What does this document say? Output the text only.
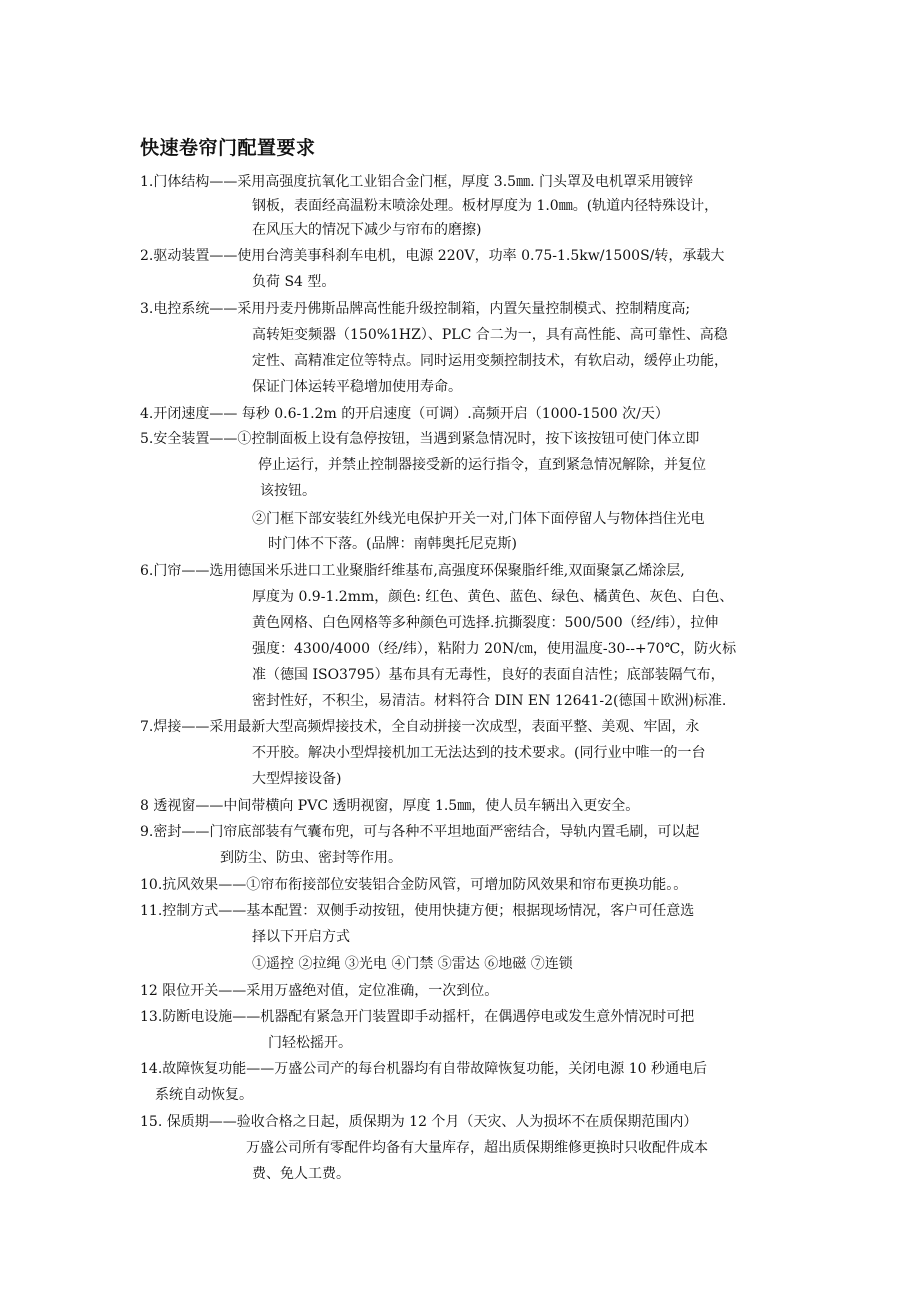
快速卷帘门配置要求
1.门体结构——采用高强度抗氧化工业铝合金门框，厚度 3.5㎜. 门头罩及电机罩采用镀锌
钢板，表面经高温粉末喷涂处理。板材厚度为 1.0㎜。(轨道内径特殊设计，
在风压大的情况下减少与帘布的磨擦)
2.驱动装置——使用台湾美事科刹车电机，电源 220V，功率 0.75-1.5kw/1500S/转，承载大
负荷 S4 型。
3.电控系统——采用丹麦丹佛斯品牌高性能升级控制箱，内置矢量控制模式、控制精度高;
高转矩变频器（150%1HZ）、PLC 合二为一，具有高性能、高可靠性、高稳
定性、高精准定位等特点。同时运用变频控制技术，有软启动，缓停止功能，
保证门体运转平稳增加使用寿命。
4.开闭速度—— 每秒 0.6-1.2m 的开启速度（可调）.高频开启（1000-1500 次/天）
5.安全装置——①控制面板上设有急停按钮，当遇到紧急情况时，按下该按钮可使门体立即
停止运行，并禁止控制器接受新的运行指令，直到紧急情况解除，并复位
该按钮。
②门框下部安装红外线光电保护开关一对,门体下面停留人与物体挡住光电
时门体不下落。(品牌：南韩奥托尼克斯)
6.门帘——选用德国米乐进口工业聚脂纤维基布,高强度环保聚脂纤维,双面聚氯乙烯涂层,
厚度为 0.9-1.2mm，颜色: 红色、黄色、蓝色、绿色、橘黄色、灰色、白色、
黄色网格、白色网格等多种颜色可选择.抗撕裂度：500/500（经/纬），拉伸
强度：4300/4000（经/纬），粘附力 20N/㎝，使用温度-30--+70℃，防火标
准（德国 ISO3795）基布具有无毒性，良好的表面自洁性；底部装隔气布，
密封性好，不积尘，易清洁。材料符合 DIN EN 12641-2(德国＋欧洲)标准.
7.焊接——采用最新大型高频焊接技术，全自动拼接一次成型，表面平整、美观、牢固，永
不开胶。解决小型焊接机加工无法达到的技术要求。(同行业中唯一的一台
大型焊接设备)
8 透视窗——中间带横向 PVC 透明视窗，厚度 1.5㎜，使人员车辆出入更安全。
9.密封——门帘底部装有气囊布兜，可与各种不平坦地面严密结合，导轨内置毛刷，可以起
到防尘、防虫、密封等作用。
10.抗风效果——①帘布衔接部位安装铝合金防风管，可增加防风效果和帘布更换功能。。
11.控制方式——基本配置：双侧手动按钮，使用快捷方便；根据现场情况，客户可任意选
择以下开启方式
①遥控 ②拉绳 ③光电 ④门禁 ⑤雷达 ⑥地磁 ⑦连锁
12 限位开关——采用万盛绝对值，定位准确，一次到位。
13.防断电设施——机器配有紧急开门装置即手动摇杆，在偶遇停电或发生意外情况时可把
门轻松摇开。
14.故障恢复功能——万盛公司产的每台机器均有自带故障恢复功能，关闭电源 10 秒通电后
系统自动恢复。
15. 保质期——验收合格之日起，质保期为 12 个月（天灾、人为损坏不在质保期范围内）
万盛公司所有零配件均备有大量库存，超出质保期维修更换时只收配件成本
费、免人工费。
